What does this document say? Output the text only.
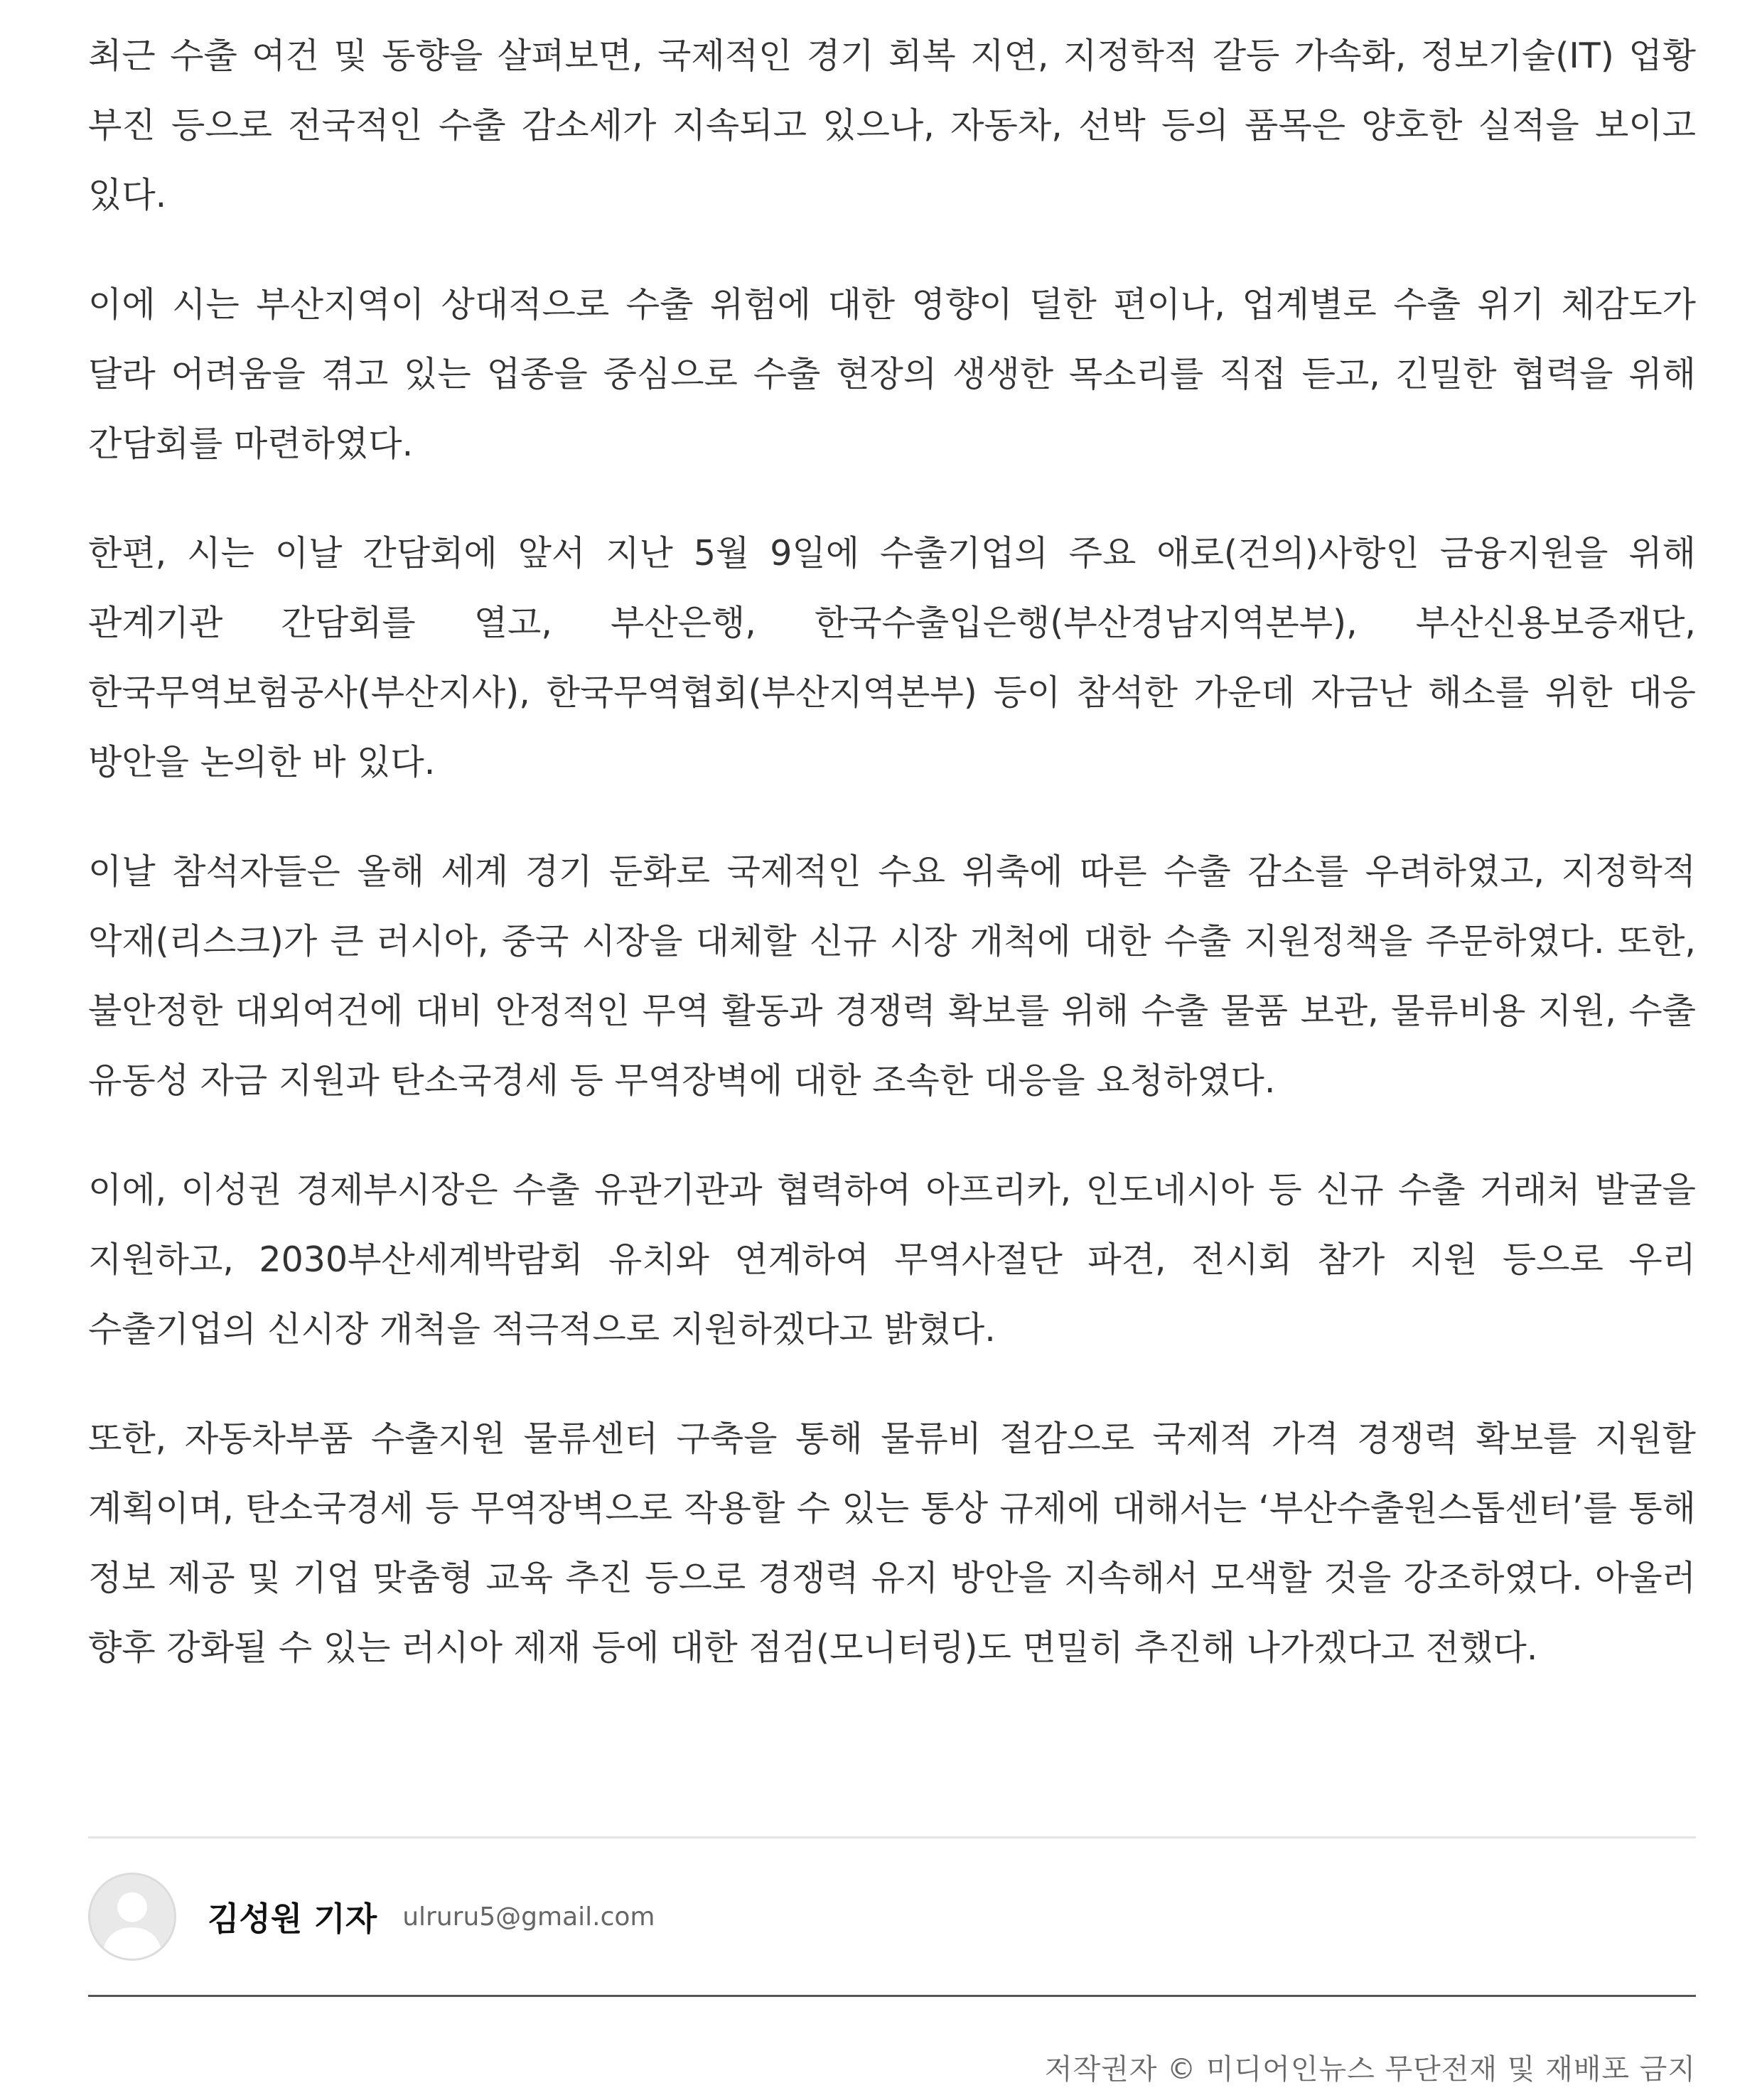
최근 수출 여건 및 동향을 살펴보면, 국제적인 경기 회복 지연, 지정학적 갈등 가속화, 정보기술(IT) 업황 부진 등으로 전국적인 수출 감소세가 지속되고 있으나, 자동차, 선박 등의 품목은 양호한 실적을 보이고 있다.

이에 시는 부산지역이 상대적으로 수출 위험에 대한 영향이 덜한 편이나, 업계별로 수출 위기 체감도가 달라 어려움을 겪고 있는 업종을 중심으로 수출 현장의 생생한 목소리를 직접 듣고, 긴밀한 협력을 위해 간담회를 마련하였다.

한편, 시는 이날 간담회에 앞서 지난 5월 9일에 수출기업의 주요 애로(건의)사항인 금융지원을 위해 관계기관 간담회를 열고, 부산은행, 한국수출입은행(부산경남지역본부), 부산신용보증재단, 한국무역보험공사(부산지사), 한국무역협회(부산지역본부) 등이 참석한 가운데 자금난 해소를 위한 대응 방안을 논의한 바 있다.

이날 참석자들은 올해 세계 경기 둔화로 국제적인 수요 위축에 따른 수출 감소를 우려하였고, 지정학적 악재(리스크)가 큰 러시아, 중국 시장을 대체할 신규 시장 개척에 대한 수출 지원정책을 주문하였다. 또한, 불안정한 대외여건에 대비 안정적인 무역 활동과 경쟁력 확보를 위해 수출 물품 보관, 물류비용 지원, 수출 유동성 자금 지원과 탄소국경세 등 무역장벽에 대한 조속한 대응을 요청하였다.

이에, 이성권 경제부시장은 수출 유관기관과 협력하여 아프리카, 인도네시아 등 신규 수출 거래처 발굴을 지원하고, 2030부산세계박람회 유치와 연계하여 무역사절단 파견, 전시회 참가 지원 등으로 우리 수출기업의 신시장 개척을 적극적으로 지원하겠다고 밝혔다.

또한, 자동차부품 수출지원 물류센터 구축을 통해 물류비 절감으로 국제적 가격 경쟁력 확보를 지원할 계획이며, 탄소국경세 등 무역장벽으로 작용할 수 있는 통상 규제에 대해서는 ‘부산수출원스톱센터’를 통해 정보 제공 및 기업 맞춤형 교육 추진 등으로 경쟁력 유지 방안을 지속해서 모색할 것을 강조하였다. 아울러 향후 강화될 수 있는 러시아 제재 등에 대한 점검(모니터링)도 면밀히 추진해 나가겠다고 전했다.

김성원 기자 ulruru5@gmail.com
저작권자 © 미디어인뉴스 무단전재 및 재배포 금지
